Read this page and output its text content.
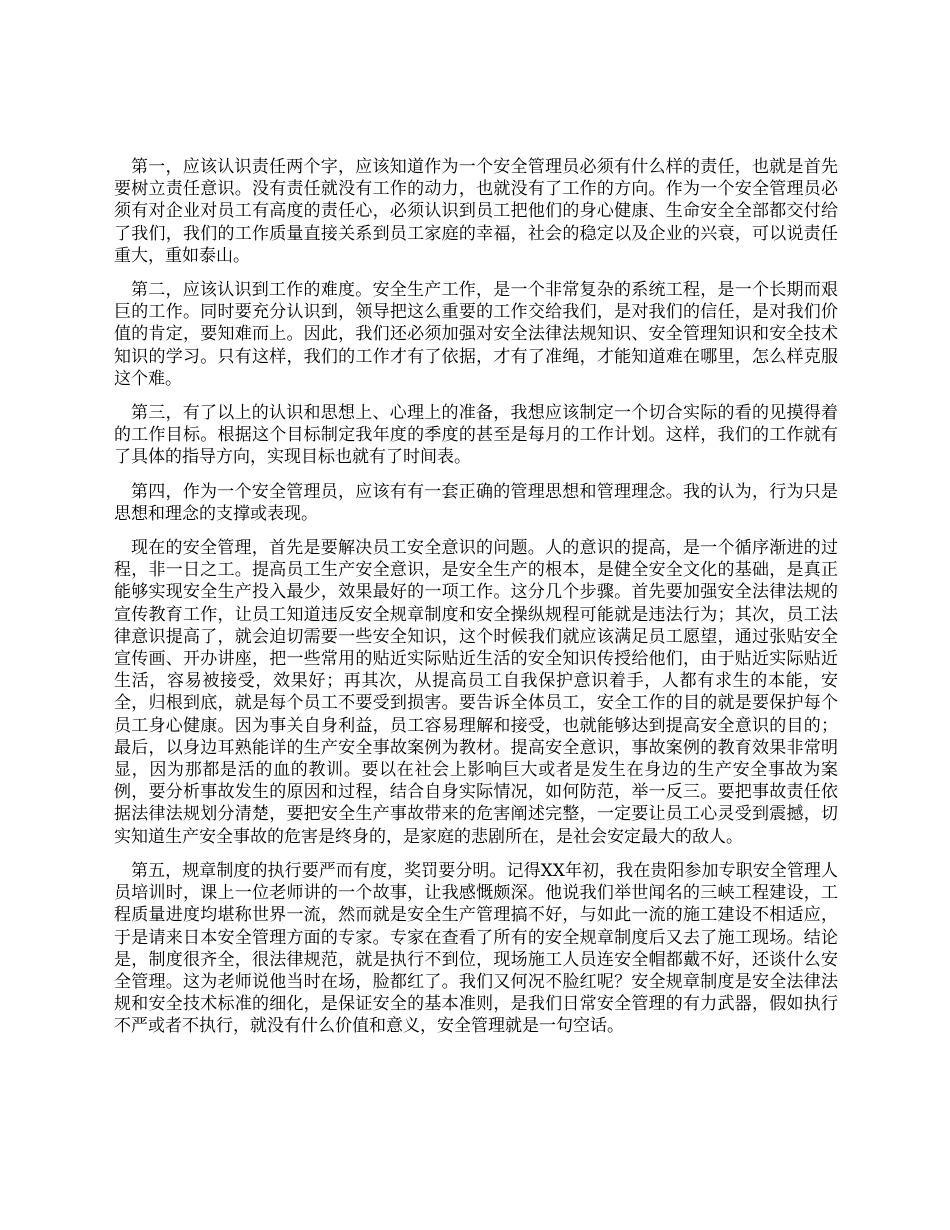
第一，应该认识责任两个字，应该知道作为一个安全管理员必须有什么样的责任，也就是首先要树立责任意识。没有责任就没有工作的动力，也就没有了工作的方向。作为一个安全管理员必须有对企业对员工有高度的责任心，必须认识到员工把他们的身心健康、生命安全全部都交付给了我们，我们的工作质量直接关系到员工家庭的幸福，社会的稳定以及企业的兴衰，可以说责任重大，重如泰山。

第二，应该认识到工作的难度。安全生产工作，是一个非常复杂的系统工程，是一个长期而艰巨的工作。同时要充分认识到，领导把这么重要的工作交给我们，是对我们的信任，是对我们价值的肯定，要知难而上。因此，我们还必须加强对安全法律法规知识、安全管理知识和安全技术知识的学习。只有这样，我们的工作才有了依据，才有了准绳，才能知道难在哪里，怎么样克服这个难。

第三，有了以上的认识和思想上、心理上的准备，我想应该制定一个切合实际的看的见摸得着的工作目标。根据这个目标制定我年度的季度的甚至是每月的工作计划。这样，我们的工作就有了具体的指导方向，实现目标也就有了时间表。

第四，作为一个安全管理员，应该有有一套正确的管理思想和管理理念。我的认为，行为只是思想和理念的支撑或表现。

现在的安全管理，首先是要解决员工安全意识的问题。人的意识的提高，是一个循序渐进的过程，非一日之工。提高员工生产安全意识，是安全生产的根本，是健全安全文化的基础，是真正能够实现安全生产投入最少，效果最好的一项工作。这分几个步骤。首先要加强安全法律法规的宣传教育工作，让员工知道违反安全规章制度和安全操纵规程可能就是违法行为；其次，员工法律意识提高了，就会迫切需要一些安全知识，这个时候我们就应该满足员工愿望，通过张贴安全宣传画、开办讲座，把一些常用的贴近实际贴近生活的安全知识传授给他们，由于贴近实际贴近生活，容易被接受，效果好；再其次，从提高员工自我保护意识着手，人都有求生的本能，安全，归根到底，就是每个员工不要受到损害。要告诉全体员工，安全工作的目的就是要保护每个员工身心健康。因为事关自身利益，员工容易理解和接受，也就能够达到提高安全意识的目的；最后，以身边耳熟能详的生产安全事故案例为教材。提高安全意识，事故案例的教育效果非常明显，因为那都是活的血的教训。要以在社会上影响巨大或者是发生在身边的生产安全事故为案例，要分析事故发生的原因和过程，结合自身实际情况，如何防范，举一反三。要把事故责任依据法律法规划分清楚，要把安全生产事故带来的危害阐述完整，一定要让员工心灵受到震撼，切实知道生产安全事故的危害是终身的，是家庭的悲剧所在，是社会安定最大的敌人。

第五，规章制度的执行要严而有度，奖罚要分明。记得XX年初，我在贵阳参加专职安全管理人员培训时，课上一位老师讲的一个故事，让我感慨颇深。他说我们举世闻名的三峡工程建设，工程质量进度均堪称世界一流，然而就是安全生产管理搞不好，与如此一流的施工建设不相适应，于是请来日本安全管理方面的专家。专家在查看了所有的安全规章制度后又去了施工现场。结论是，制度很齐全，很法律规范，就是执行不到位，现场施工人员连安全帽都戴不好，还谈什么安全管理。这为老师说他当时在场，脸都红了。我们又何况不脸红呢？安全规章制度是安全法律法规和安全技术标准的细化，是保证安全的基本准则，是我们日常安全管理的有力武器，假如执行不严或者不执行，就没有什么价值和意义，安全管理就是一句空话。
